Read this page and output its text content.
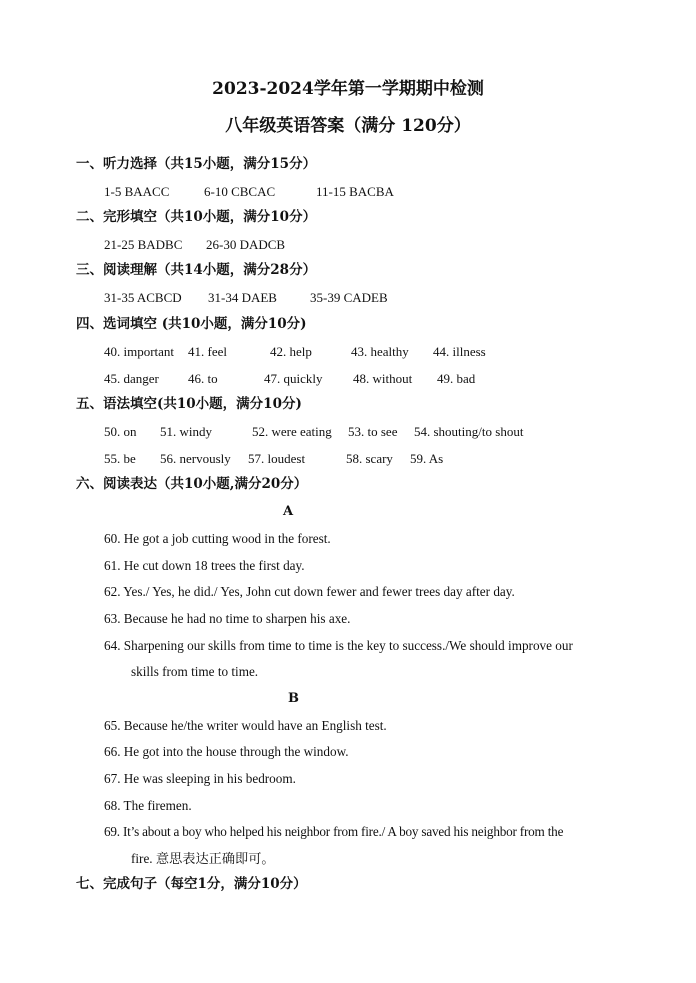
2023-2024学年第一学期期中检测
八年级英语答案（满分 120分）
一、听力选择（共15小题，满分15分）
1-5 BAACC	6-10 CBCAC	11-15 BACBA
二、完形填空（共10小题，满分10分）
21-25 BADBC 26-30 DADCB
三、阅读理解（共14小题，满分28分）
31-35 ACBCD 31-34 DAEB	35-39 CADEB
四、选词填空 (共10小题，满分10分)
40. important 41. feel	42. help	43. healthy 44. illness
45. danger 46. to	47. quickly 48. without 49. bad
五、语法填空(共10小题，满分10分)
50. on 51. windy	52. were eating 53. to see 54. shouting/to shout
55. be 56. nervously 57. loudest	58. scary 59. As
六、阅读表达（共10小题,满分20分）
A
60. He got a job cutting wood in the forest.
61. He cut down 18 trees the first day.
62. Yes./ Yes, he did./ Yes, John cut down fewer and fewer trees day after day.
63. Because he had no time to sharpen his axe.
64. Sharpening our skills from time to time is the key to success./We should improve our
skills from time to time.
B
65. Because he/the writer would have an English test.
66. He got into the house through the window.
67. He was sleeping in his bedroom.
68. The firemen.
69. It’s about a boy who helped his neighbor from fire./ A boy saved his neighbor from the
fire. 意思表达正确即可。
七、完成句子（每空1分，满分10分）
